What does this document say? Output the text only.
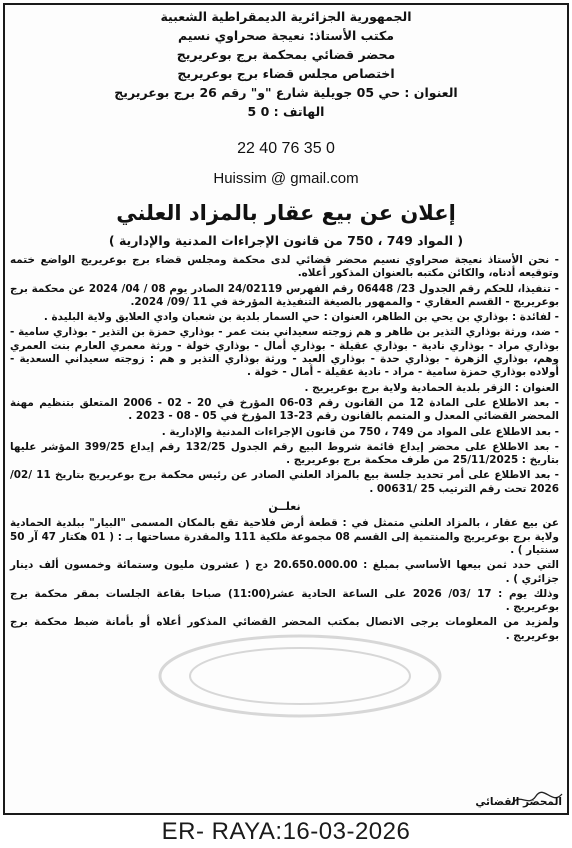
الجمهورية الجزائرية الديمقراطية الشعبية
مكتب الأستاذ: نعيجة صحراوي نسيم
محضر قضائي بمحكمة برج بوعريريج
اختصاص مجلس قضاء برج بوعريريج
العنوان : حي 05 جويلية شارع "و" رقم 26 برج بوعريريج
الهاتف : 0 5
22 40 76 35 0
Huissim @ gmail.com
إعلان عن بيع عقار بالمزاد العلني
( المواد 749 ، 750 من قانون الإجراءات المدنية والإدارية )

- نحن الأستاذ نعيجة صحراوي نسيم محضر قضائي لدى محكمة ومجلس قضاء برج بوعريريج الواضع ختمه وتوقيعه أدناه، والكائن مكتبه بالعنوان المذكور أعلاه.

- تنفيذا، للحكم رقم الجدول 23/ 06448 رقم الفهرس 24/02119 الصادر يوم 08 / 04/ 2024 عن محكمة برج بوعريريج - القسم العقاري - والممهور بالصيغة التنفيذية المؤرخة في 11 /09/ 2024.

- لفائدة : بوذاري بن يحي بن الطاهر، العنوان : حي السمار بلدية بن شعبان وادي العلايق ولاية البليدة .

- ضد، ورثة بوذاري التذير بن طاهر و هم زوجته سعيداني بنت عمر - بوذاري حمزة بن التذير - بوذاري سامية - بوذاري مراد - بوذاري نادية - بوذاري عقيلة - بوذاري أمال - بوذاري خولة - ورثة معمري العارم بنت العمري وهم، بوذاري الزهرة - بوذاري حدة - بوذاري العيد - ورثة بوذاري التذير و هم : زوجته سعيداني السعدية - أولاده بوذاري حمزة سامية - مراد - نادية عقيلة - أمال - خولة .

العنوان : الزقر بلدية الحمادية ولاية برج بوعريريج .

- بعد الاطلاع على المادة 12 من القانون رقم 03-06 المؤرخ في 20 - 02 - 2006 المتعلق بتنظيم مهنة المحضر القضائي المعدل و المتمم بالقانون رقم 23-13 المؤرخ في 05 - 08 - 2023 .

- بعد الاطلاع على المواد من 749 ، 750 من قانون الإجراءات المدنية والإدارية .

- بعد الاطلاع على محضر إيداع قائمة شروط البيع رقم الجدول 132/25 رقم إيداع 399/25 المؤشر عليها بتاريخ : 25/11/2025 من طرف محكمة برج بوعريريج .

- بعد الاطلاع على أمر تحديد جلسة بيع بالمزاد العلني الصادر عن رئيس محكمة برج بوعريريج بتاريخ 11 /02/ 2026 تحت رقم الترتيب 25 /00631 .

نعلــن

عن بيع عقار ، بالمزاد العلني متمثل في : قطعة أرض فلاحية تقع بالمكان المسمى "البيار" ببلدية الحمادية ولاية برج بوعريريج والمنتمية إلى القسم 08 مجموعة ملكية 111 والمقدرة مساحتها بـ : ( 01 هكتار 47 آر 50 سنتيار ) .

التي حدد ثمن بيعها الأساسي بمبلغ : 20.650.000.00 دج ( عشرون مليون وستمائة وخمسون ألف دينار جزائري ) .

وذلك يوم : 17 /03/ 2026 على الساعة الحادية عشر(11:00) صباحا بقاعة الجلسات بمقر محكمة برج بوعريريج .

ولمزيد من المعلومات يرجى الاتصال بمكتب المحضر القضائي المذكور أعلاه أو بأمانة ضبط محكمة برج بوعريريج .

المحضر القضائي
ER- RAYA:16-03-2026
